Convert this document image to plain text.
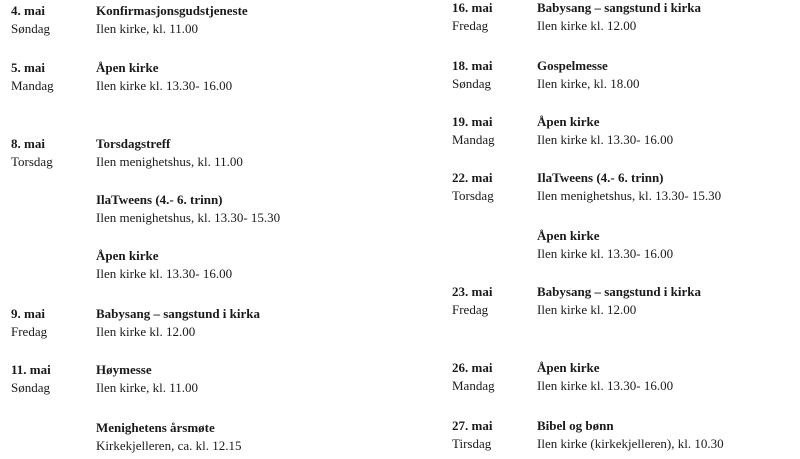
4. mai
Søndag
Konfirmasjonsgudstjeneste
Ilen kirke, kl. 11.00
5. mai
Mandag
Åpen kirke
Ilen kirke kl. 13.30- 16.00
8. mai
Torsdag
Torsdagstreff
Ilen menighetshus, kl. 11.00
IlaTweens (4.- 6. trinn)
Ilen menighetshus, kl. 13.30- 15.30
Åpen kirke
Ilen kirke kl. 13.30- 16.00
9. mai
Fredag
Babysang – sangstund i kirka
Ilen kirke kl. 12.00
11. mai
Søndag
Høymesse
Ilen kirke, kl. 11.00
Menighetens årsmøte
Kirkekjelleren, ca. kl. 12.15
16. mai
Fredag
Babysang – sangstund i kirka
Ilen kirke kl. 12.00
18. mai
Søndag
Gospelmesse
Ilen kirke, kl. 18.00
19. mai
Mandag
Åpen kirke
Ilen kirke kl. 13.30- 16.00
22. mai
Torsdag
IlaTweens (4.- 6. trinn)
Ilen menighetshus, kl. 13.30- 15.30
Åpen kirke
Ilen kirke kl. 13.30- 16.00
23. mai
Fredag
Babysang – sangstund i kirka
Ilen kirke kl. 12.00
26. mai
Mandag
Åpen kirke
Ilen kirke kl. 13.30- 16.00
27. mai
Tirsdag
Bibel og bønn
Ilen kirke (kirkekjelleren), kl. 10.30
